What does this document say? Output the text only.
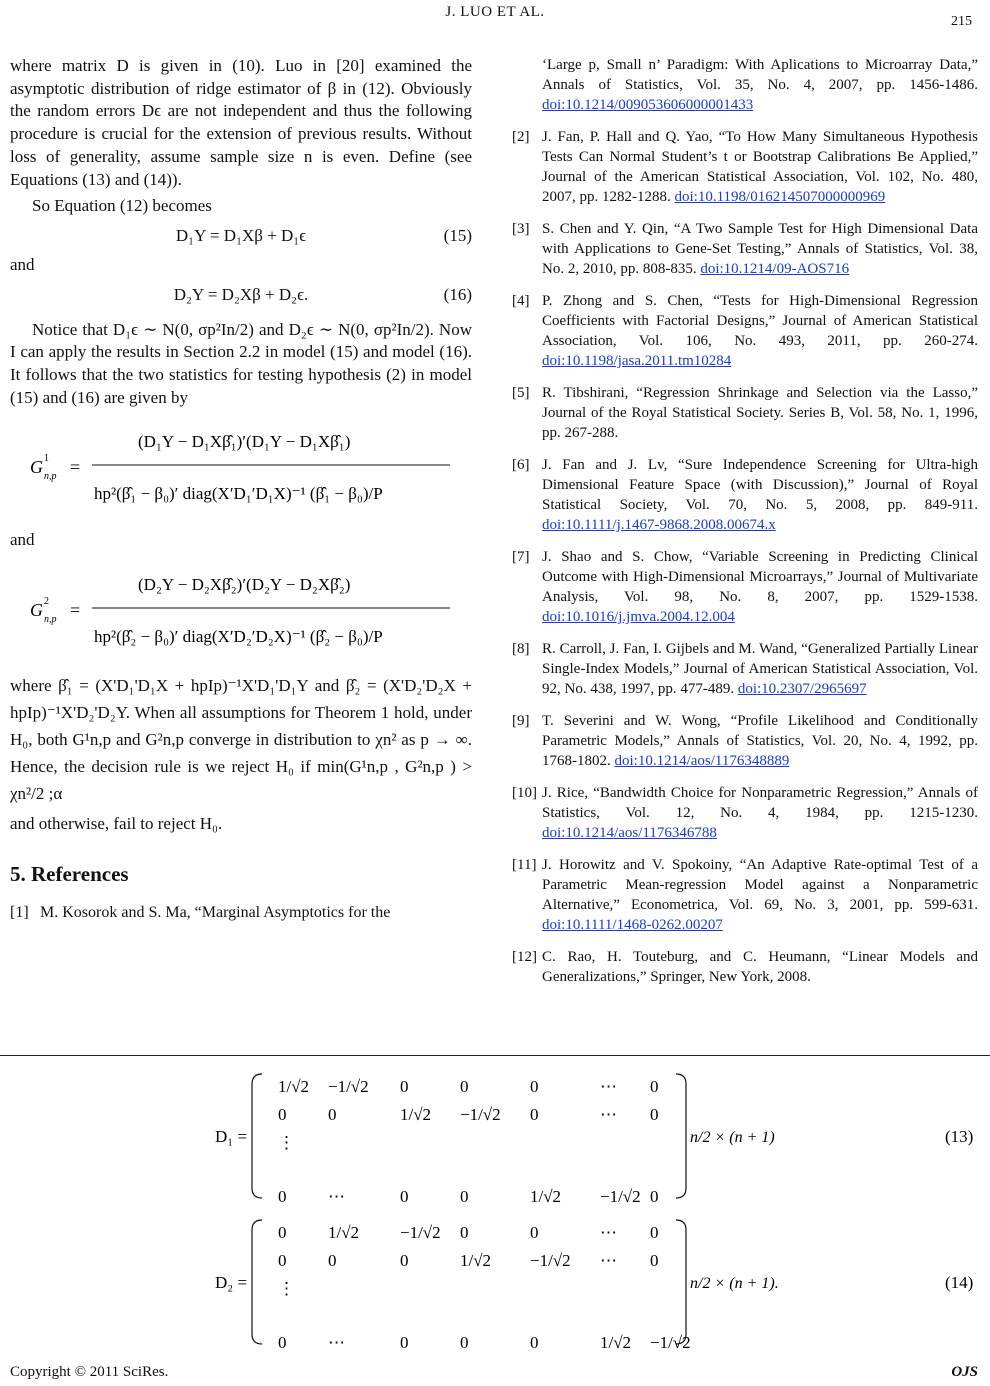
J. LUO ET AL.
215

where matrix D is given in (10). Luo in [20] examined the asymptotic distribution of ridge estimator of β in (12). Obviously the random errors Dϵ are not independent and thus the following procedure is crucial for the extension of previous results. Without loss of generality, assume sample size n is even. Define (see Equations (13) and (14)).

So Equation (12) becomes

D₁Y = D₁Xβ + D₁ϵ	(15)

and

D₂Y = D₂Xβ + D₂ϵ.	(16)

Notice that D₁ϵ ∼ N(0, σp²In/2) and D₂ϵ ∼ N(0, σp²In/2). Now I can apply the results in Section 2.2 in model (15) and model (16). It follows that the two statistics for testing hypothesis (2) in model (15) and (16) are given by

G 1
n,p =
(D₁Y − D₁Xβ̂₁)′(D₁Y − D₁Xβ̂₁)
hp²(β̂₁ − β₀)′ diag(X′D₁′D₁X)⁻¹ (β̂₁ − β₀)/P

and

G 2
n,p =
(D₂Y − D₂Xβ̂₂)′(D₂Y − D₂Xβ̂₂)
hp²(β̂₂ − β₀)′ diag(X′D₂′D₂X)⁻¹ (β̂₂ − β₀)/P

where β̂₁ = (X'D₁'D₁X + hpIp)⁻¹X'D₁'D₁Y and β̂₂ = (X'D₂'D₂X + hpIp)⁻¹X'D₂'D₂Y. When all assumptions for Theorem 1 hold, under H₀, both G¹n,p and G²n,p converge in distribution to χn² as p → ∞. Hence, the decision rule is we reject H₀ if min(G¹n,p , G²n,p ) > χn²/2 ;α

and otherwise, fail to reject H₀.

5. References
[1] M. Kosorok and S. Ma, “Marginal Asymptotics for the
‘Large p, Small n’ Paradigm: With Aplications to Microarray Data,” Annals of Statistics, Vol. 35, No. 4, 2007, pp. 1456-1486. doi:10.1214/009053606000001433
[2] J. Fan, P. Hall and Q. Yao, “To How Many Simultaneous Hypothesis Tests Can Normal Student’s t or Bootstrap Calibrations Be Applied,” Journal of the American Statistical Association, Vol. 102, No. 480, 2007, pp. 1282-1288. doi:10.1198/016214507000000969
[3] S. Chen and Y. Qin, “A Two Sample Test for High Dimensional Data with Applications to Gene-Set Testing,” Annals of Statistics, Vol. 38, No. 2, 2010, pp. 808-835. doi:10.1214/09-AOS716
[4] P. Zhong and S. Chen, “Tests for High-Dimensional Regression Coefficients with Factorial Designs,” Journal of American Statistical Association, Vol. 106, No. 493, 2011, pp. 260-274. doi:10.1198/jasa.2011.tm10284
[5] R. Tibshirani, “Regression Shrinkage and Selection via the Lasso,” Journal of the Royal Statistical Society. Series B, Vol. 58, No. 1, 1996, pp. 267-288.
[6] J. Fan and J. Lv, “Sure Independence Screening for Ultra-high Dimensional Feature Space (with Discussion),” Journal of Royal Statistical Society, Vol. 70, No. 5, 2008, pp. 849-911. doi:10.1111/j.1467-9868.2008.00674.x
[7] J. Shao and S. Chow, “Variable Screening in Predicting Clinical Outcome with High-Dimensional Microarrays,” Journal of Multivariate Analysis, Vol. 98, No. 8, 2007, pp. 1529-1538. doi:10.1016/j.jmva.2004.12.004
[8] R. Carroll, J. Fan, I. Gijbels and M. Wand, “Generalized Partially Linear Single-Index Models,” Journal of American Statistical Association, Vol. 92, No. 438, 1997, pp. 477-489. doi:10.2307/2965697
[9] T. Severini and W. Wong, “Profile Likelihood and Conditionally Parametric Models,” Annals of Statistics, Vol. 20, No. 4, 1992, pp. 1768-1802. doi:10.1214/aos/1176348889
[10] J. Rice, “Bandwidth Choice for Nonparametric Regression,” Annals of Statistics, Vol. 12, No. 4, 1984, pp. 1215-1230. doi:10.1214/aos/1176346788
[11] J. Horowitz and V. Spokoiny, “An Adaptive Rate-optimal Test of a Parametric Mean-regression Model against a Nonparametric Alternative,” Econometrica, Vol. 69, No. 3, 2001, pp. 599-631. doi:10.1111/1468-0262.00207
[12] C. Rao, H. Touteburg, and C. Heumann, “Linear Models and Generalizations,” Springer, New York, 2008.
D₁ =
1/√2 −1/√2 0	0	0	⋯ 0
0 0	1/√2 −1/√2 0	⋯ 0
⋮
0 ⋯	0	0	1/√2 −1/√2 0
n/2 × (n + 1)	(13)
D₂ =
0 1/√2 −1/√2 0	0	⋯ 0
0 0	0	1/√2 −1/√2 ⋯ 0
⋮
0 ⋯	0	0	0	1/√2 −1/√2
n/2 × (n + 1).	(14)
Copyright © 2011 SciRes.	OJS
